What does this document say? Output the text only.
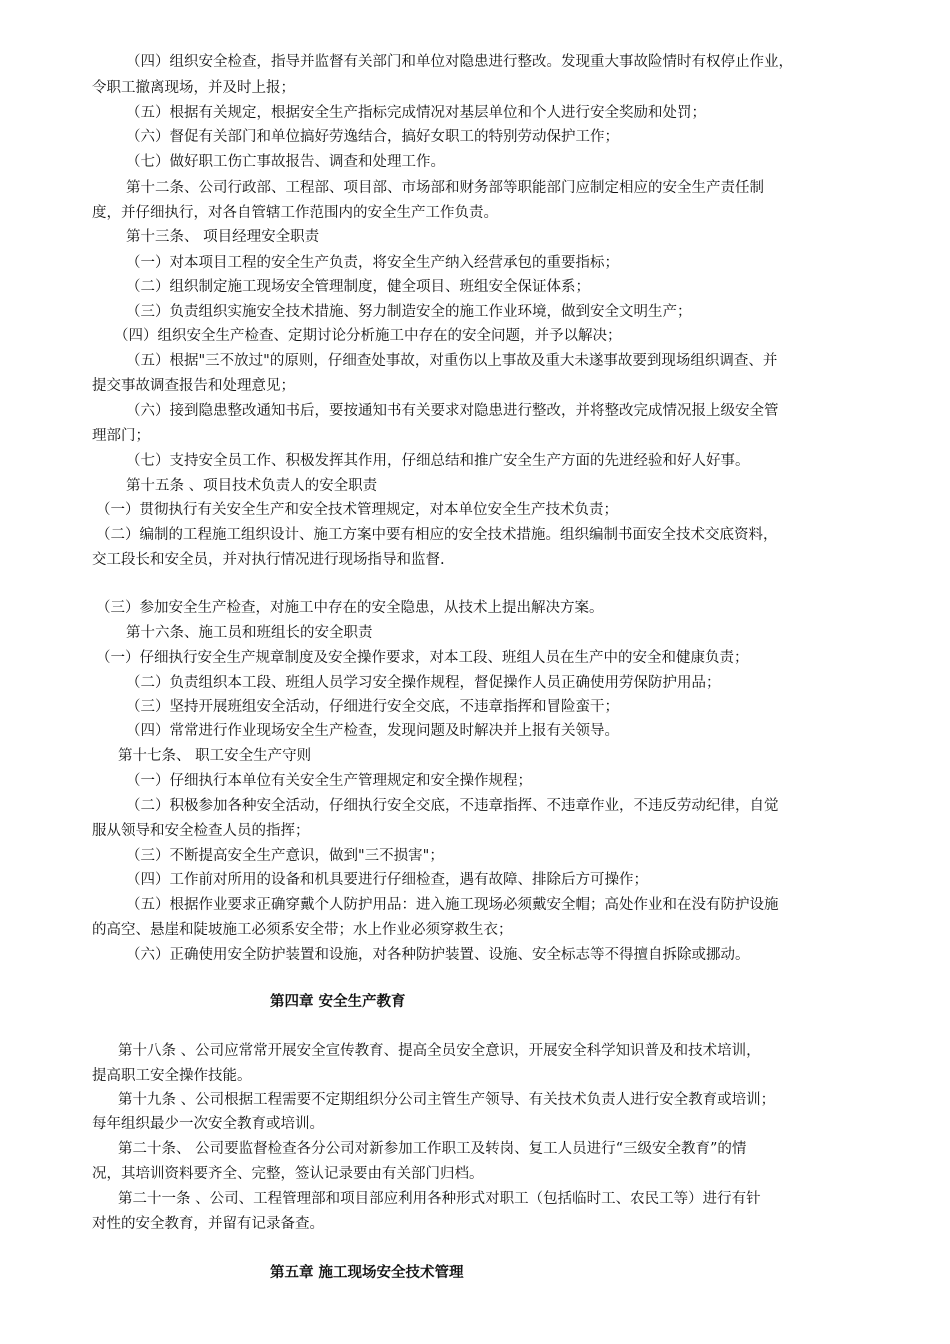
（四）组织安全检查，指导并监督有关部门和单位对隐患进行整改。发现重大事故险情时有权停止作业，
令职工撤离现场，并及时上报；
（五）根据有关规定，根据安全生产指标完成情况对基层单位和个人进行安全奖励和处罚；
（六）督促有关部门和单位搞好劳逸结合，搞好女职工的特别劳动保护工作；
（七）做好职工伤亡事故报告、调查和处理工作。
第十二条、公司行政部、工程部、项目部、市场部和财务部等职能部门应制定相应的安全生产责任制
度，并仔细执行，对各自管辖工作范围内的安全生产工作负责。
第十三条、 项目经理安全职责
（一）对本项目工程的安全生产负责，将安全生产纳入经营承包的重要指标；
（二）组织制定施工现场安全管理制度，健全项目、班组安全保证体系；
（三）负责组织实施安全技术措施、努力制造安全的施工作业环境，做到安全文明生产；
（四）组织安全生产检查、定期讨论分析施工中存在的安全问题，并予以解决；
（五）根据"三不放过"的原则，仔细查处事故，对重伤以上事故及重大未遂事故要到现场组织调查、并
提交事故调查报告和处理意见；
（六）接到隐患整改通知书后，要按通知书有关要求对隐患进行整改，并将整改完成情况报上级安全管
理部门；
（七）支持安全员工作、积极发挥其作用，仔细总结和推广安全生产方面的先进经验和好人好事。
第十五条 、项目技术负责人的安全职责
（一）贯彻执行有关安全生产和安全技术管理规定，对本单位安全生产技术负责；
（二）编制的工程施工组织设计、施工方案中要有相应的安全技术措施。组织编制书面安全技术交底资料，
交工段长和安全员，并对执行情况进行现场指导和监督.
（三）参加安全生产检查，对施工中存在的安全隐患，从技术上提出解决方案。
第十六条、施工员和班组长的安全职责
（一）仔细执行安全生产规章制度及安全操作要求，对本工段、班组人员在生产中的安全和健康负责；
（二）负责组织本工段、班组人员学习安全操作规程，督促操作人员正确使用劳保防护用品；
（三）坚持开展班组安全活动，仔细进行安全交底，不违章指挥和冒险蛮干；
（四）常常进行作业现场安全生产检查，发现问题及时解决并上报有关领导。
第十七条、 职工安全生产守则
（一）仔细执行本单位有关安全生产管理规定和安全操作规程；
（二）积极参加各种安全活动，仔细执行安全交底，不违章指挥、不违章作业，不违反劳动纪律，自觉
服从领导和安全检查人员的指挥；
（三）不断提高安全生产意识，做到"三不损害"；
（四）工作前对所用的设备和机具要进行仔细检查，遇有故障、排除后方可操作；
（五）根据作业要求正确穿戴个人防护用品：进入施工现场必须戴安全帽；高处作业和在没有防护设施
的高空、悬崖和陡坡施工必须系安全带；水上作业必须穿救生衣；
（六）正确使用安全防护装置和设施，对各种防护装置、设施、安全标志等不得擅自拆除或挪动。
第四章 安全生产教育
第十八条 、公司应常常开展安全宣传教育、提高全员安全意识，开展安全科学知识普及和技术培训，
提高职工安全操作技能。
第十九条 、公司根据工程需要不定期组织分公司主管生产领导、有关技术负责人进行安全教育或培训；
每年组织最少一次安全教育或培训。
第二十条、 公司要监督检查各分公司对新参加工作职工及转岗、复工人员进行“三级安全教育”的情
况，其培训资料要齐全、完整，签认记录要由有关部门归档。
第二十一条 、公司、工程管理部和项目部应利用各种形式对职工（包括临时工、农民工等）进行有针
对性的安全教育，并留有记录备查。
第五章 施工现场安全技术管理
